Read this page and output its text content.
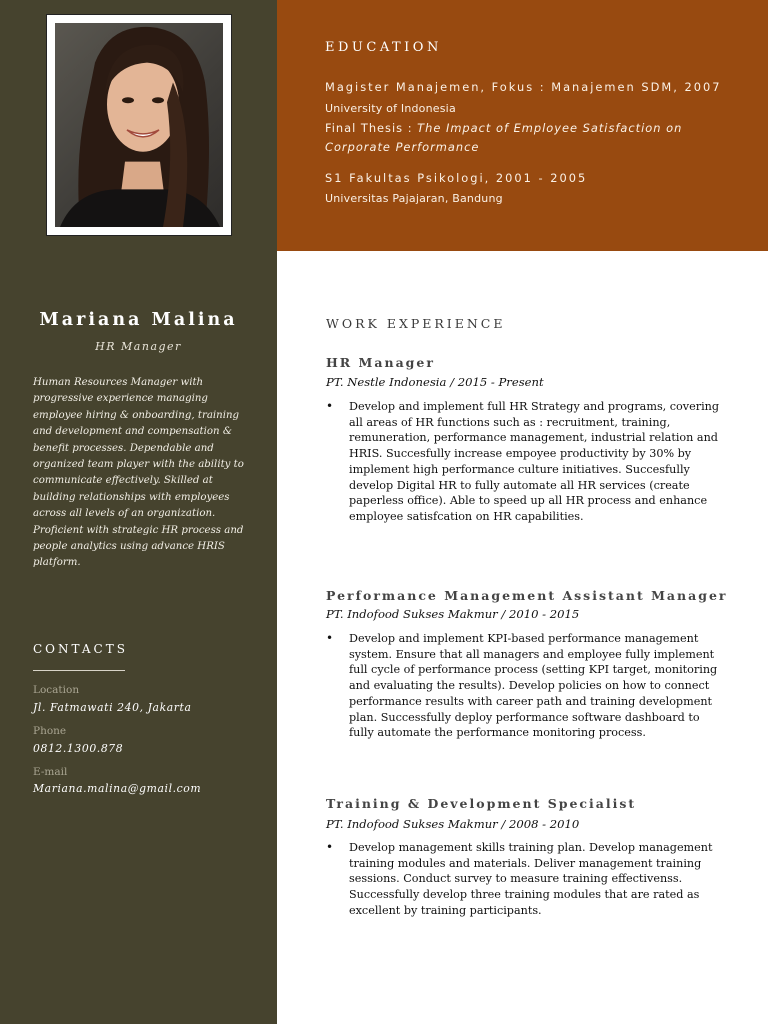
Mariana Malina
HR Manager

Human Resources Manager with progressive experience managing employee hiring & onboarding, training and development and compensation & benefit processes. Dependable and organized team player with the ability to communicate effectively. Skilled at building relationships with employees across all levels of an organization. Proficient with strategic HR process and people analytics using advance HRIS platform.

CONTACTS
Location
Jl. Fatmawati 240, Jakarta
Phone
0812.1300.878
E-mail
Mariana.malina@gmail.com
EDUCATION
Magister Manajemen, Fokus : Manajemen SDM, 2007
University of Indonesia
Final Thesis : The Impact of Employee Satisfaction on Corporate Performance
S1 Fakultas Psikologi, 2001 - 2005
Universitas Pajajaran, Bandung
WORK EXPERIENCE
HR Manager
PT. Nestle Indonesia / 2015 - Present
• Develop and implement full HR Strategy and programs, covering all areas of HR functions such as : recruitment, training, remuneration, performance management, industrial relation and HRIS. Succesfully increase empoyee productivity by 30% by implement high performance culture initiatives. Succesfully develop Digital HR to fully automate all HR services (create paperless office). Able to speed up all HR process and enhance employee satisfcation on HR capabilities.
Performance Management Assistant Manager
PT. Indofood Sukses Makmur / 2010 - 2015
• Develop and implement KPI-based performance management system. Ensure that all managers and employee fully implement full cycle of performance process (setting KPI target, monitoring and evaluating the results). Develop policies on how to connect performance results with career path and training development plan. Successfully deploy performance software dashboard to fully automate the performance monitoring process.
Training & Development Specialist
PT. Indofood Sukses Makmur / 2008 - 2010
• Develop management skills training plan. Develop management training modules and materials. Deliver management training sessions. Conduct survey to measure training effectivenss. Successfully develop three training modules that are rated as excellent by training participants.
